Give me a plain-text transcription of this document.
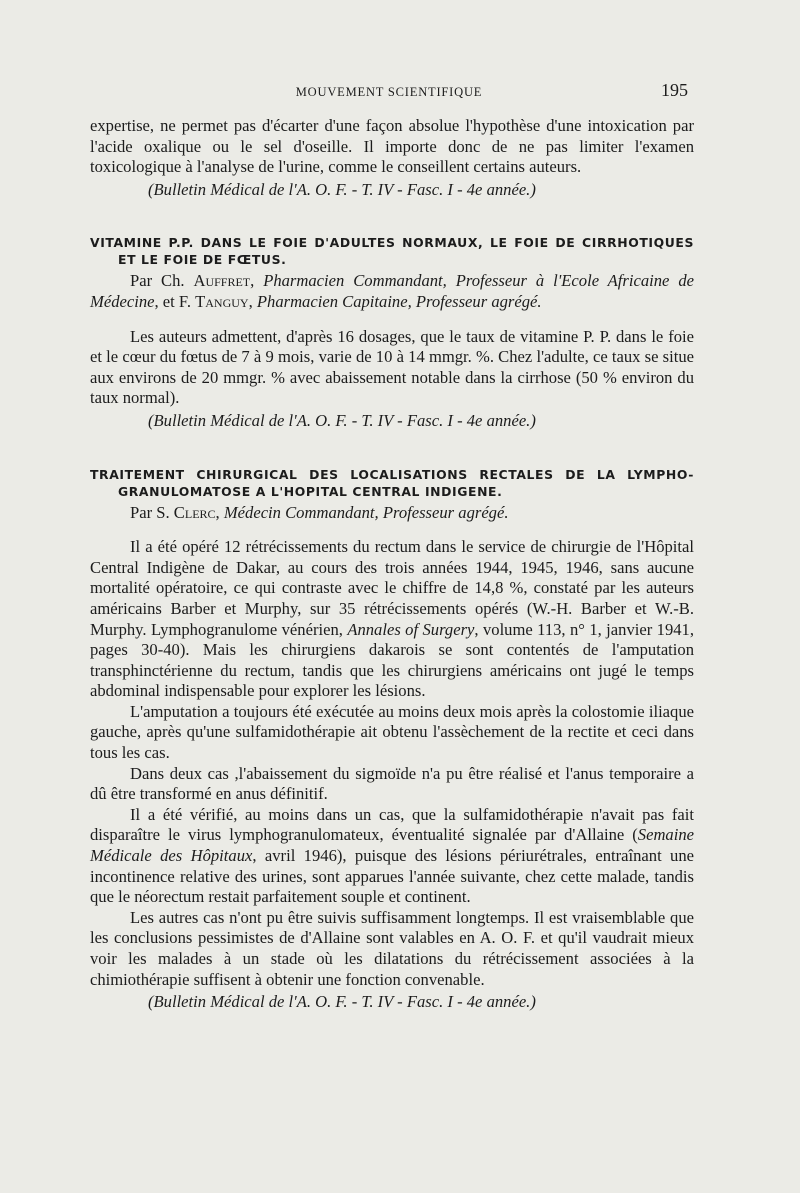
MOUVEMENT SCIENTIFIQUE	195

expertise, ne permet pas d'écarter d'une façon absolue l'hypothèse d'une intoxication par l'acide oxalique ou le sel d'oseille. Il importe donc de ne pas limiter l'examen toxicologique à l'analyse de l'urine, comme le conseillent certains auteurs.

(Bulletin Médical de l'A. O. F. - T. IV - Fasc. I - 4e année.)

VITAMINE P.P. DANS LE FOIE D'ADULTES NORMAUX, LE FOIE DE CIRRHOTIQUES ET LE FOIE DE FŒTUS.

Par Ch. Auffret, Pharmacien Commandant, Professeur à l'Ecole Africaine de Médecine, et F. Tanguy, Pharmacien Capitaine, Professeur agrégé.

Les auteurs admettent, d'après 16 dosages, que le taux de vitamine P. P. dans le foie et le cœur du fœtus de 7 à 9 mois, varie de 10 à 14 mmgr. %. Chez l'adulte, ce taux se situe aux environs de 20 mmgr. % avec abaissement notable dans la cirrhose (50 % environ du taux normal).

(Bulletin Médical de l'A. O. F. - T. IV - Fasc. I - 4e année.)

TRAITEMENT CHIRURGICAL DES LOCALISATIONS RECTALES DE LA LYMPHO-GRANULOMATOSE A L'HOPITAL CENTRAL INDIGENE.

Par S. Clerc, Médecin Commandant, Professeur agrégé.

Il a été opéré 12 rétrécissements du rectum dans le service de chirurgie de l'Hôpital Central Indigène de Dakar, au cours des trois années 1944, 1945, 1946, sans aucune mortalité opératoire, ce qui contraste avec le chiffre de 14,8 %, constaté par les auteurs américains Barber et Murphy, sur 35 rétrécissements opérés (W.-H. Barber et W.-B. Murphy. Lymphogranulome vénérien, Annales of Surgery, volume 113, n° 1, janvier 1941, pages 30-40). Mais les chirurgiens dakarois se sont contentés de l'amputation transphinctérienne du rectum, tandis que les chirurgiens américains ont jugé le temps abdominal indispensable pour explorer les lésions.

L'amputation a toujours été exécutée au moins deux mois après la colostomie iliaque gauche, après qu'une sulfamidothérapie ait obtenu l'assèchement de la rectite et ceci dans tous les cas.

Dans deux cas ,l'abaissement du sigmoïde n'a pu être réalisé et l'anus temporaire a dû être transformé en anus définitif.

Il a été vérifié, au moins dans un cas, que la sulfamidothérapie n'avait pas fait disparaître le virus lymphogranulomateux, éventualité signalée par d'Allaine (Semaine Médicale des Hôpitaux, avril 1946), puisque des lésions périurétrales, entraînant une incontinence relative des urines, sont apparues l'année suivante, chez cette malade, tandis que le néorectum restait parfaitement souple et continent.

Les autres cas n'ont pu être suivis suffisamment longtemps. Il est vraisemblable que les conclusions pessimistes de d'Allaine sont valables en A. O. F. et qu'il vaudrait mieux voir les malades à un stade où les dilatations du rétrécissement associées à la chimiothérapie suffisent à obtenir une fonction convenable.

(Bulletin Médical de l'A. O. F. - T. IV - Fasc. I - 4e année.)
